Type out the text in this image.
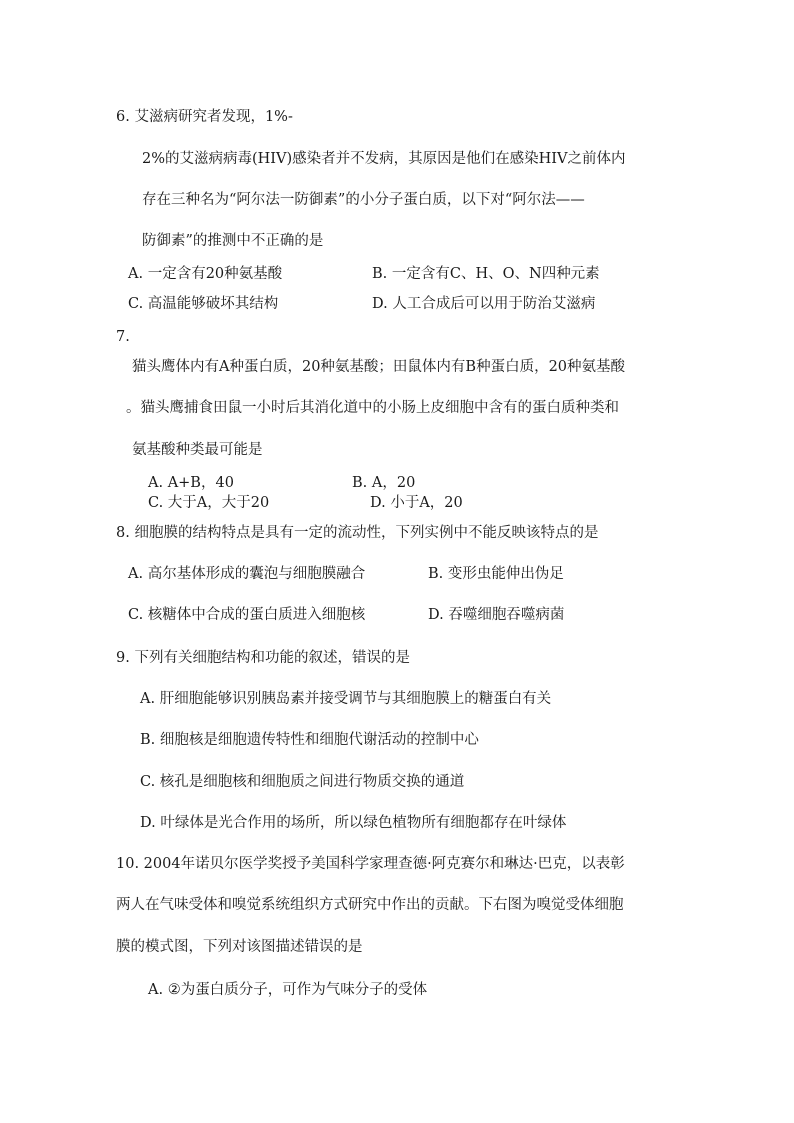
6. 艾滋病研究者发现，1%-
2%的艾滋病病毒(HIV)感染者并不发病，其原因是他们在感染HIV之前体内
存在三种名为“阿尔法一防御素”的小分子蛋白质，以下对“阿尔法——
防御素”的推测中不正确的是
A. 一定含有20种氨基酸	B. 一定含有C、H、O、N四种元素
C. 高温能够破坏其结构	D. 人工合成后可以用于防治艾滋病
7.
猫头鹰体内有A种蛋白质，20种氨基酸；田鼠体内有B种蛋白质，20种氨基酸
。猫头鹰捕食田鼠一小时后其消化道中的小肠上皮细胞中含有的蛋白质种类和
氨基酸种类最可能是
A. A+B，40	B. A，20
C. 大于A，大于20	D. 小于A，20
8. 细胞膜的结构特点是具有一定的流动性，下列实例中不能反映该特点的是
A. 高尔基体形成的囊泡与细胞膜融合	B. 变形虫能伸出伪足
C. 核糖体中合成的蛋白质进入细胞核	D. 吞噬细胞吞噬病菌
9. 下列有关细胞结构和功能的叙述，错误的是
A. 肝细胞能够识别胰岛素并接受调节与其细胞膜上的糖蛋白有关
B. 细胞核是细胞遗传特性和细胞代谢活动的控制中心
C. 核孔是细胞核和细胞质之间进行物质交换的通道
D. 叶绿体是光合作用的场所，所以绿色植物所有细胞都存在叶绿体
10. 2004年诺贝尔医学奖授予美国科学家理查德·阿克赛尔和琳达·巴克，以表彰
两人在气味受体和嗅觉系统组织方式研究中作出的贡献。下右图为嗅觉受体细胞
膜的模式图，下列对该图描述错误的是
A. ②为蛋白质分子，可作为气味分子的受体
